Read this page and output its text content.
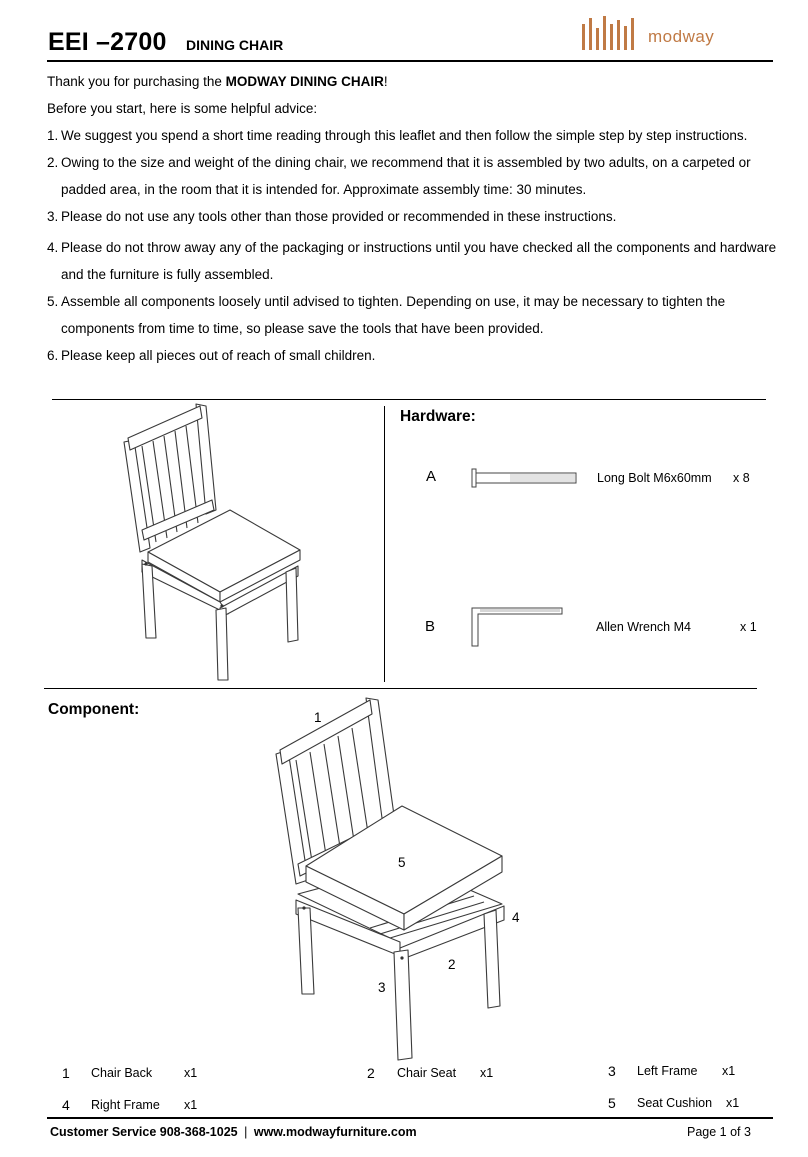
EEI –2700 DINING CHAIR	modway

Thank you for purchasing the MODWAY DINING CHAIR!

Before you start, here is some helpful advice:

1. We suggest you spend a short time reading through this leaflet and then follow the simple step by step instructions.
2. Owing to the size and weight of the dining chair, we recommend that it is assembled by two adults, on a carpeted or padded area, in the room that it is intended for. Approximate assembly time: 30 minutes.
3. Please do not use any tools other than those provided or recommended in these instructions.
4. Please do not throw away any of the packaging or instructions until you have checked all the components and hardware and the furniture is fully assembled.
5. Assemble all components loosely until advised to tighten. Depending on use, it may be necessary to tighten the components from time to time, so please save the tools that have been provided.
6. Please keep all pieces out of reach of small children.
Hardware:
A	Long Bolt M6x60mm x 8
B	Allen Wrench M4	x 1
Component:	1
5
4
2
3
1 Chair Back	x1	2 Chair Seat x1	3 Left Frame x1
4 Right Frame x1	5 Seat Cushion x1
Customer Service 908-368-1025 | www.modwayfurniture.com	Page 1 of 3
